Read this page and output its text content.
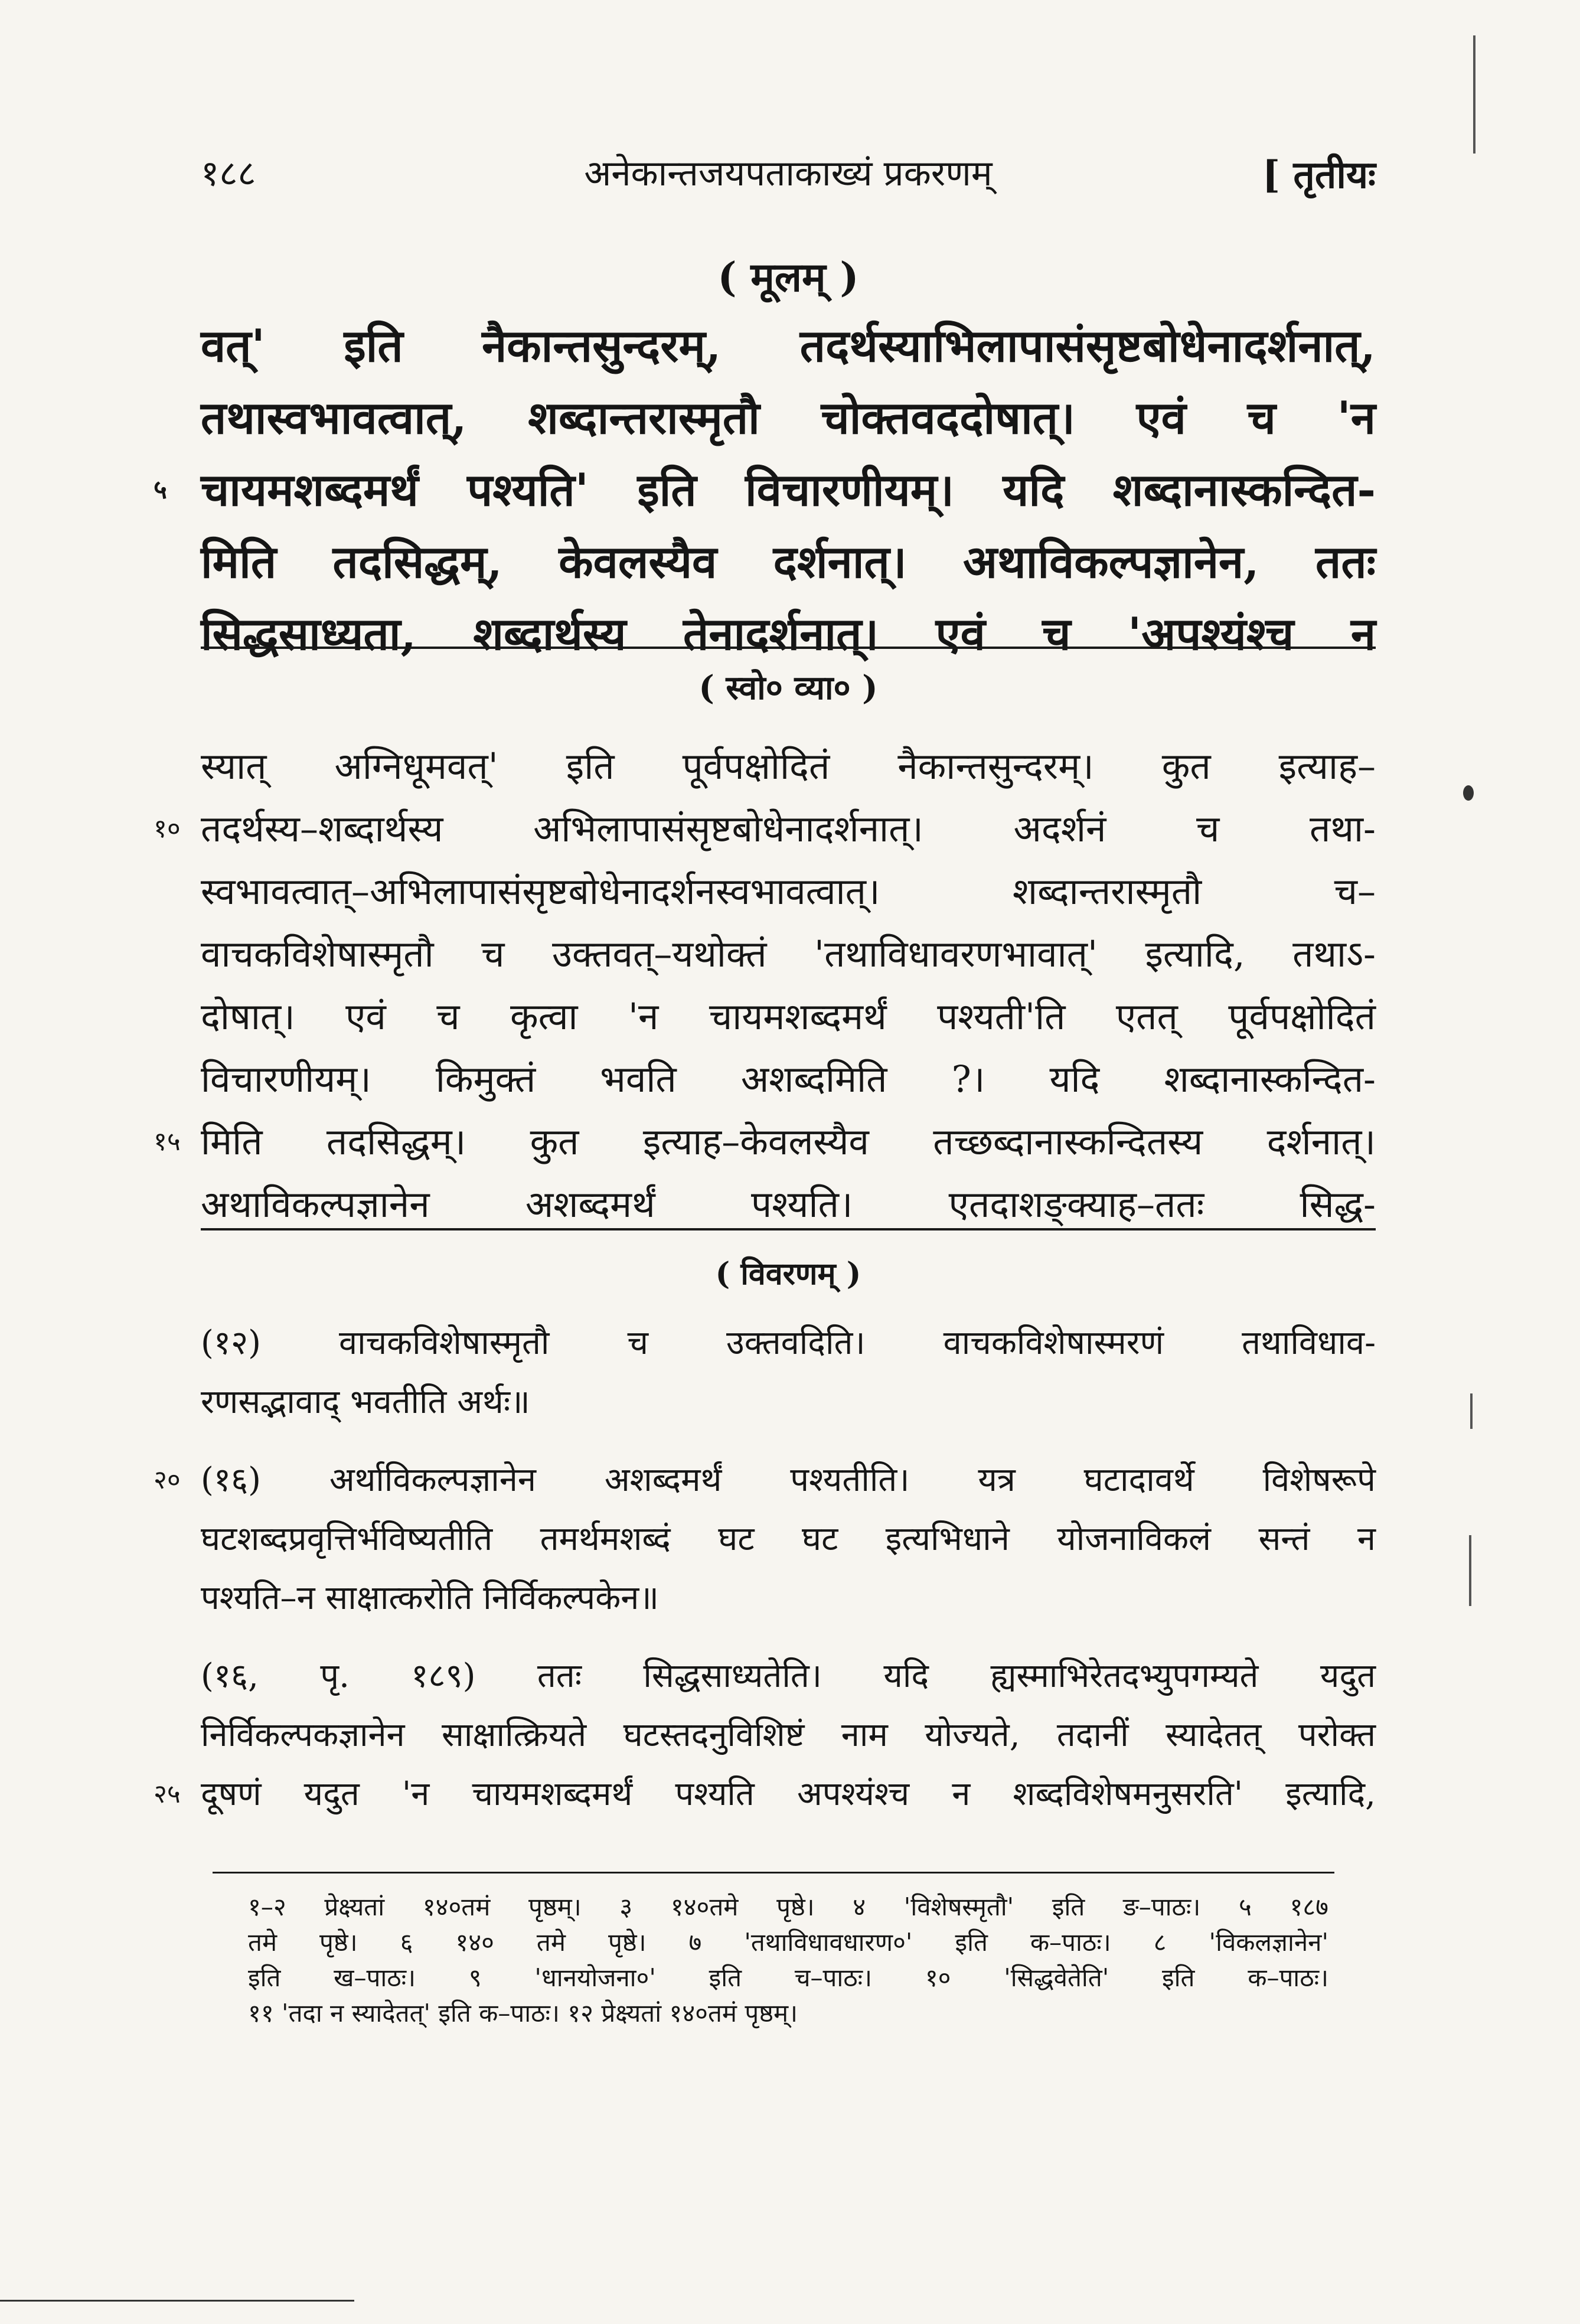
१८८	अनेकान्तजयपताकाख्यं प्रकरणम्	[ तृतीयः
( मूलम् )
वत्' इति नैकान्तसुन्दरम्, तदर्थस्याभिलापासंसृष्टबोधेनादर्शनात्,
तथास्वभावत्वात्, शब्दान्तरास्मृतौ चोक्तवददोषात्। एवं च 'न
५ चायमशब्दमर्थं पश्यति' इति विचारणीयम्। यदि शब्दानास्कन्दित-
मिति तदसिद्धम्, केवलस्यैव दर्शनात्। अथाविकल्पज्ञानेन, ततः
सिद्धसाध्यता, शब्दार्थस्य तेनादर्शनात्। एवं च 'अपश्यंश्च न
( स्वो० व्या० )
स्यात् अग्निधूमवत्' इति पूर्वपक्षोदितं नैकान्तसुन्दरम्। कुत इत्याह–
१० तदर्थस्य–शब्दार्थस्य अभिलापासंसृष्टबोधेनादर्शनात्। अदर्शनं च तथा-
स्वभावत्वात्–अभिलापासंसृष्टबोधेनादर्शनस्वभावत्वात्। शब्दान्तरास्मृतौ च–
वाचकविशेषास्मृतौ च उक्तवत्–यथोक्तं 'तथाविधावरणभावात्' इत्यादि, तथाऽ-
दोषात्। एवं च कृत्वा 'न चायमशब्दमर्थं पश्यती'ति एतत् पूर्वपक्षोदितं
विचारणीयम्। किमुक्तं भवति अशब्दमिति ?। यदि शब्दानास्कन्दित-
१५ मिति तदसिद्धम्। कुत इत्याह–केवलस्यैव तच्छब्दानास्कन्दितस्य दर्शनात्।
अथाविकल्पज्ञानेन अशब्दमर्थं पश्यति। एतदाशङ्क्याह–ततः सिद्ध-
( विवरणम् )
(१२) वाचकविशेषास्मृतौ च उक्तवदिति। वाचकविशेषास्मरणं तथाविधाव-
रणसद्भावाद् भवतीति अर्थः॥
२० (१६) अर्थाविकल्पज्ञानेन अशब्दमर्थं पश्यतीति। यत्र घटादावर्थे विशेषरूपे
घटशब्दप्रवृत्तिर्भविष्यतीति तमर्थमशब्दं घट घट इत्यभिधाने योजनाविकलं सन्तं न
पश्यति–न साक्षात्करोति निर्विकल्पकेन॥
(१६, पृ. १८९) ततः सिद्धसाध्यतेति। यदि ह्यस्माभिरेतदभ्युपगम्यते यदुत
निर्विकल्पकज्ञानेन साक्षात्क्रियते घटस्तदनुविशिष्टं नाम योज्यते, तदानीं स्यादेतत् परोक्त
२५ दूषणं यदुत 'न चायमशब्दमर्थं पश्यति अपश्यंश्च न शब्दविशेषमनुसरति' इत्यादि,
१–२ प्रेक्ष्यतां १४०तमं पृष्ठम्। ३ १४०तमे पृष्ठे। ४ 'विशेषस्मृतौ' इति ङ–पाठः। ५ १८७
तमे पृष्ठे। ६ १४० तमे पृष्ठे। ७ 'तथाविधावधारण०' इति क–पाठः। ८ 'विकलज्ञानेन'
इति ख–पाठः। ९ 'धानयोजना०' इति च–पाठः। १० 'सिद्धवेतेति' इति क–पाठः।
११ 'तदा न स्यादेतत्' इति क–पाठः। १२ प्रेक्ष्यतां १४०तमं पृष्ठम्।
